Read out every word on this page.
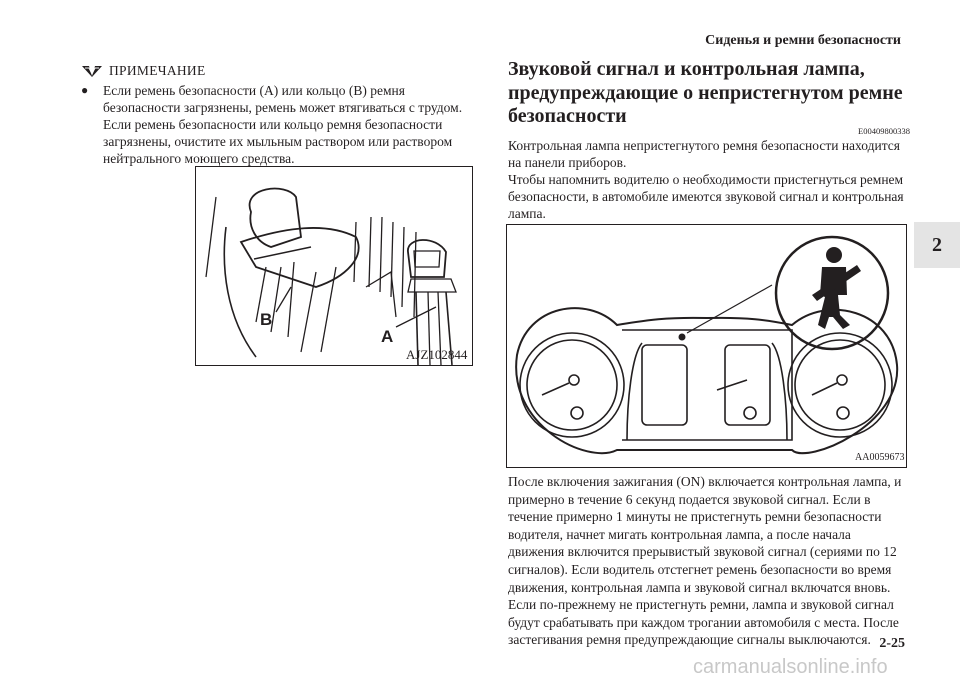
Сиденья и ремни безопасности
2
ПРИМЕЧАНИЕ
● Если ремень безопасности (А) или кольцо (В) ремня безопасности загрязнены, ремень может втягиваться с трудом. Если ремень безопасности или кольцо ремня безопасности загрязнены, очистите их мыльным раствором или раствором нейтрального моющего средства.
B
A
AJZ102844
Звуковой сигнал и контрольная лампа, предупреждающие о непристегнутом ремне безопасности
E00409800338

Контрольная лампа непристегнутого ремня безопасности находится на панели приборов.

Чтобы напомнить водителю о необходимости пристегнуться ремнем безопасности, в автомобиле имеются звуковой сигнал и контрольная лампа.

AA0059673
После включения зажигания (ON) включается контрольная лампа, и примерно в течение 6 секунд подается звуковой сигнал. Если в течение примерно 1 минуты не пристегнуть ремни безопасности водителя, начнет мигать контрольная лампа, а после начала движения включится прерывистый звуковой сигнал (сериями по 12 сигналов). Если водитель отстегнет ремень безопасности во время движения, контрольная лампа и звуковой сигнал включатся вновь. Если по-прежнему не пристегнуть ремни, лампа и звуковой сигнал будут срабатывать при каждом трогании автомобиля с места. После застегивания ремня предупреждающие сигналы выключаются. 2-25
carmanualsonline.info
